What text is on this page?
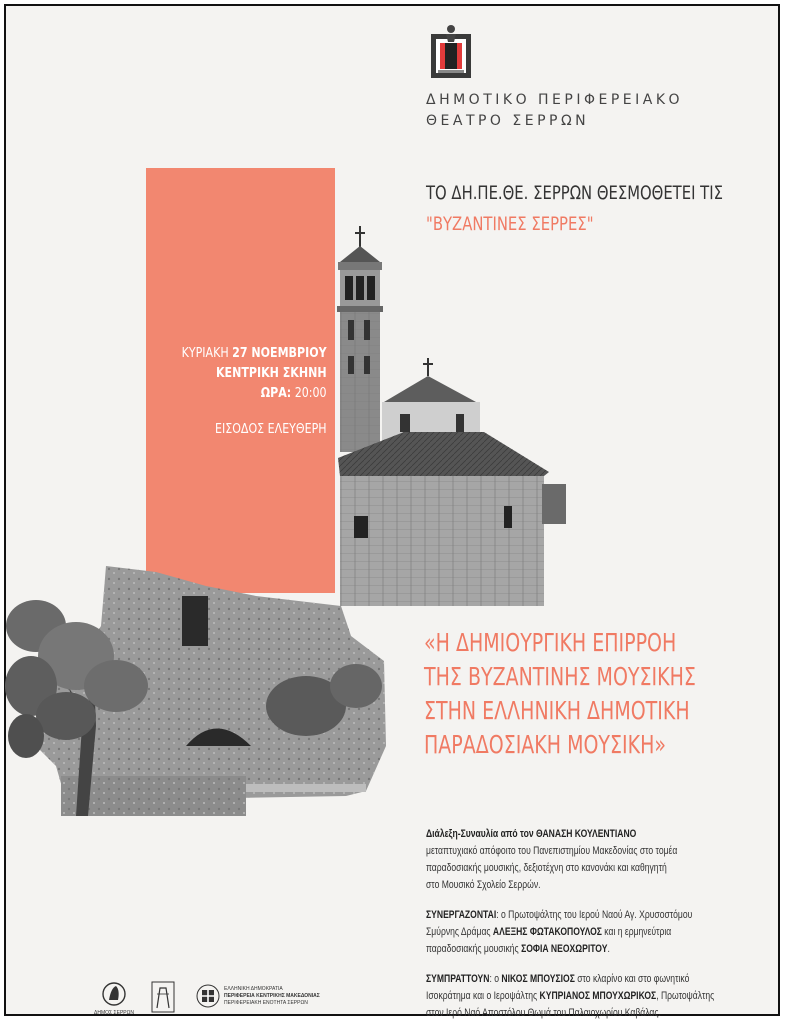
ΔΗΜΟΤΙΚΟ ΠΕΡΙΦΕΡΕΙΑΚΟ
ΘΕΑΤΡΟ ΣΕΡΡΩΝ
ΤΟ ΔΗ.ΠΕ.ΘΕ. ΣΕΡΡΩΝ ΘΕΣΜΟΘΕΤΕΙ ΤΙΣ
"ΒΥΖΑΝΤΙΝΕΣ ΣΕΡΡΕΣ"
ΚΥΡΙΑΚΗ 27 ΝΟΕΜΒΡΙΟΥ
ΚΕΝΤΡΙΚΗ ΣΚΗΝΗ
ΩΡΑ: 20:00
ΕΙΣΟΔΟΣ ΕΛΕΥΘΕΡΗ
«Η ΔΗΜΙΟΥΡΓΙΚΗ ΕΠΙΡΡΟΗ
ΤΗΣ ΒΥΖΑΝΤΙΝΗΣ ΜΟΥΣΙΚΗΣ
ΣΤΗΝ ΕΛΛΗΝΙΚΗ ΔΗΜΟΤΙΚΗ
ΠΑΡΑΔΟΣΙΑΚΗ ΜΟΥΣΙΚΗ»

Διάλεξη-Συναυλία από τον ΘΑΝΑΣΗ ΚΟΥΛΕΝΤΙΑΝΟ
μεταπτυχιακό απόφοιτο του Πανεπιστημίου Μακεδονίας στο τομέα
παραδοσιακής μουσικής, δεξιοτέχνη στο κανονάκι και καθηγητή
στο Μουσικό Σχολείο Σερρών.

ΣΥΝΕΡΓΑΖΟΝΤΑΙ: ο Πρωτοψάλτης του Ιερού Ναού Αγ. Χρυσοστόμου
Σμύρνης Δράμας ΑΛΕΞΗΣ ΦΩΤΑΚΟΠΟΥΛΟΣ και η ερμηνεύτρια
παραδοσιακής μουσικής ΣΟΦΙΑ ΝΕΟΧΩΡΙΤΟΥ.

ΣΥΜΠΡΑΤΤΟΥΝ: ο ΝΙΚΟΣ ΜΠΟΥΣΙΟΣ στο κλαρίνο και στο φωνητικό
Ισοκράτημα και ο Ιεροψάλτης ΚΥΠΡΙΑΝΟΣ ΜΠΟΥΧΩΡΙΚΟΣ, Πρωτοψάλτης
στον Ιερό Ναό Αποστόλου Θωμά του Παλαιοχωρίου Καβάλας.

ΔΗΜΟΣ ΣΕΡΡΩΝ
ΕΛΛΗΝΙΚΗ ΔΗΜΟΚΡΑΤΙΑ
ΠΕΡΙΦΕΡΕΙΑ ΚΕΝΤΡΙΚΗΣ ΜΑΚΕΔΟΝΙΑΣ
ΠΕΡΙΦΕΡΕΙΑΚΗ ΕΝΟΤΗΤΑ ΣΕΡΡΩΝ
